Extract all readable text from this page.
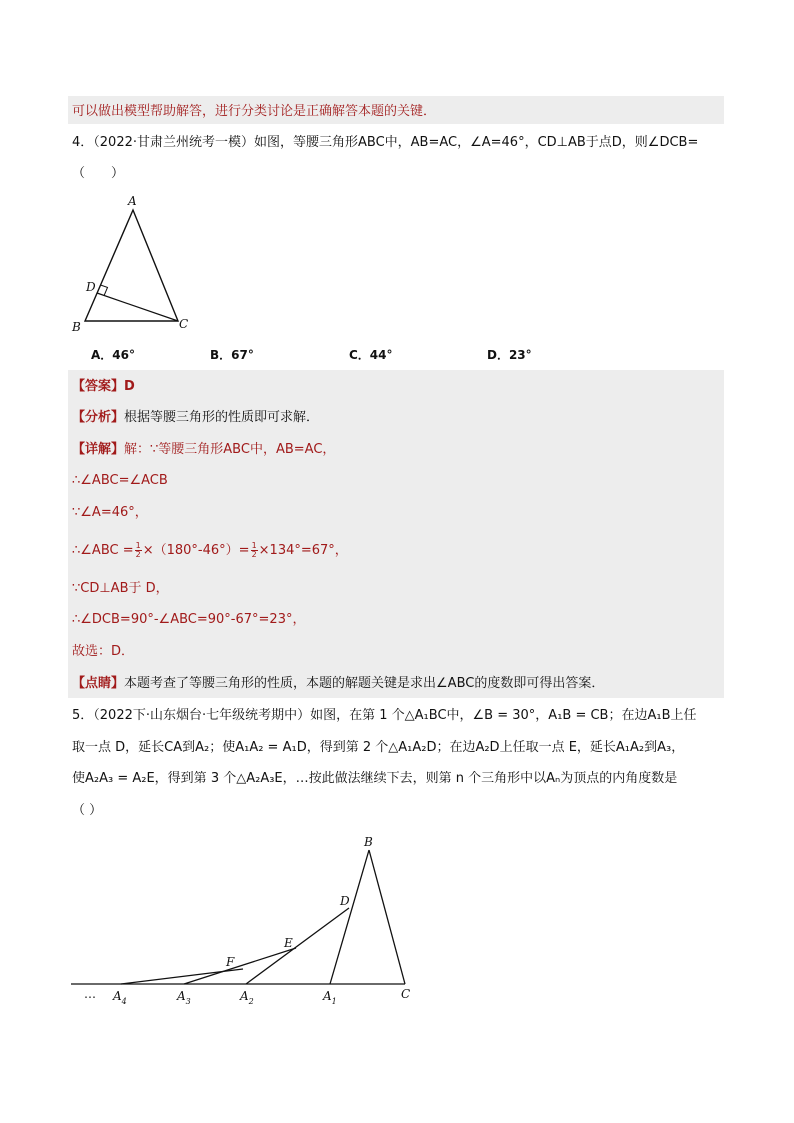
可以做出模型帮助解答，进行分类讨论是正确解答本题的关键．
4．（2022·甘肃兰州统考一模）如图，等腰三角形ABC中，AB=AC，∠A=46°，CD⊥AB于点D，则∠DCB=
（　　）
A
D
B	C
A．46°	B．67°	C．44°	D．23°
【答案】D
【分析】根据等腰三角形的性质即可求解．
【详解】解：∵等腰三角形ABC中，AB=AC，
∴∠ABC=∠ACB
∵∠A=46°，
∴∠ABC = $\frac{1}{2} \times(180^\circ-46^\circ)= \frac{1}{2} \times 134^\circ=67^\circ$，
∵CD⊥AB于 D，
∴∠DCB=90°-∠ABC=90°-67°=23°，
故选：D．
【点睛】本题考查了等腰三角形的性质，本题的解题关键是求出∠ABC的度数即可得出答案．
5．（2022下·山东烟台·七年级统考期中）如图，在第 1 个△A₁BC中，∠B = 30°，A₁B = CB；在边A₁B上任
取一点 D，延长CA到A₂；使A₁A₂ = A₁D，得到第 2 个△A₁A₂D；在边A₂D上任取一点 E，延长A₁A₂到A₃，
使A₂A₃ = A₂E，得到第 3 个△A₂A₃E，…按此做法继续下去，则第 n 个三角形中以Aₙ为顶点的内角度数是
（ ）
B
D
E
F
C
… $A_4$	$A_3$	$A_2$	$A_1$
